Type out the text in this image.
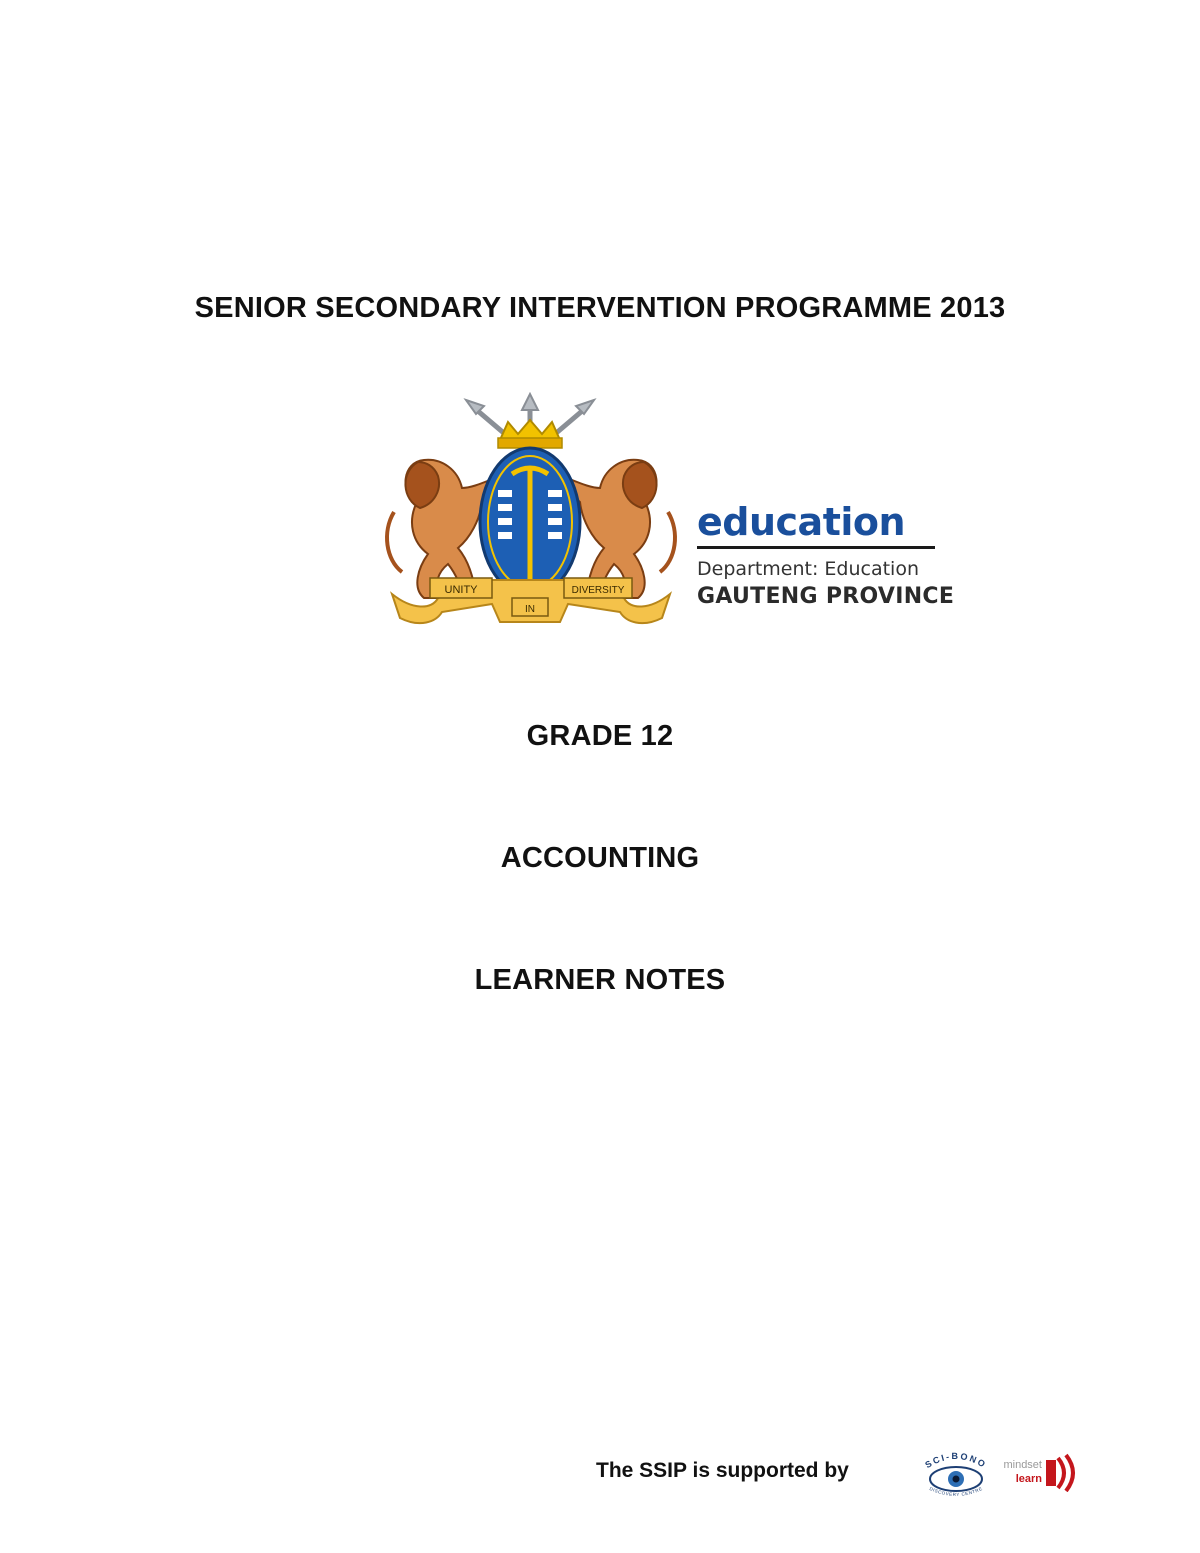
SENIOR SECONDARY INTERVENTION PROGRAMME 2013
UNITY
IN
DIVERSITY
education
Department: Education
GAUTENG PROVINCE
GRADE 12
ACCOUNTING
LEARNER NOTES
The SSIP is supported by	SCI-BONO
DISCOVERY CENTRE
mindset
learn
